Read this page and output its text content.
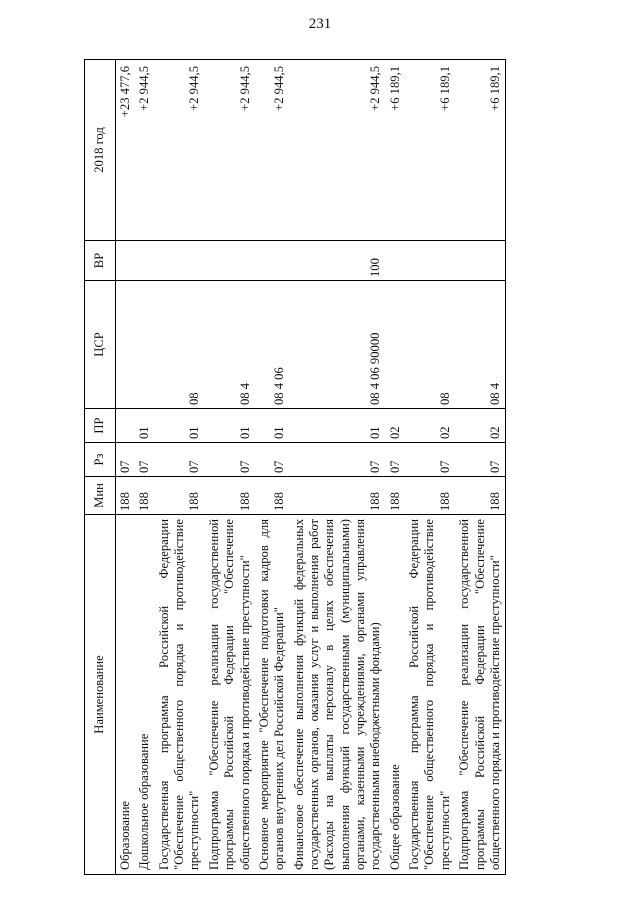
231
Наименование	Мин	Рз	ПР	ЦСР	ВР	2018 год
Образование	188	07				+23 477,6
Дошкольное образование	188	07	01			+2 944,5
Государственная программа Российской Федерации "Обеспечение общественного порядка и противодействие преступности"	188	07	01	08		+2 944,5
Подпрограмма "Обеспечение реализации государственной программы Российской Федерации "Обеспечение общественного порядка и противодействие преступности"	188	07	01	08 4		+2 944,5
Основное мероприятие "Обеспечение подготовки кадров для органов внутренних дел Российской Федерации"	188	07	01	08 4 06		+2 944,5
Финансовое обеспечение выполнения функций федеральных государственных органов, оказания услуг и выполнения работ (Расходы на выплаты персоналу в целях обеспечения выполнения функций государственными (муниципальными) органами, казенными учреждениями, органами управления государственными внебюджетными фондами)	188	07	01	08 4 06 90000	100	+2 944,5
Общее образование	188	07	02			+6 189,1
Государственная программа Российской Федерации "Обеспечение общественного порядка и противодействие преступности"	188	07	02	08		+6 189,1
Подпрограмма "Обеспечение реализации государственной программы Российской Федерации "Обеспечение общественного порядка и противодействие преступности"	188	07	02	08 4		+6 189,1
